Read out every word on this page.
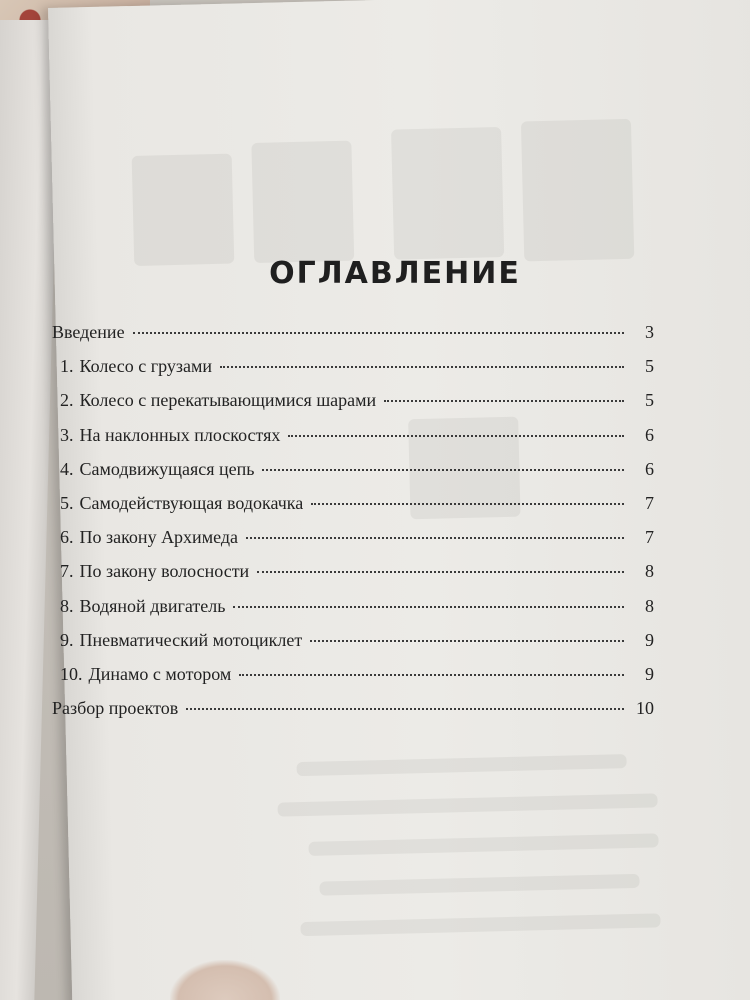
ОГЛАВЛЕНИЕ
Введение	3
1. Колесо с грузами	5
2. Колесо с перекатывающимися шарами	5
3. На наклонных плоскостях	6
4. Самодвижущаяся цепь	6
5. Самодействующая водокачка	7
6. По закону Архимеда	7
7. По закону волосности	8
8. Водяной двигатель	8
9. Пневматический мотоциклет	9
10. Динамо с мотором	9
Разбор проектов	10
